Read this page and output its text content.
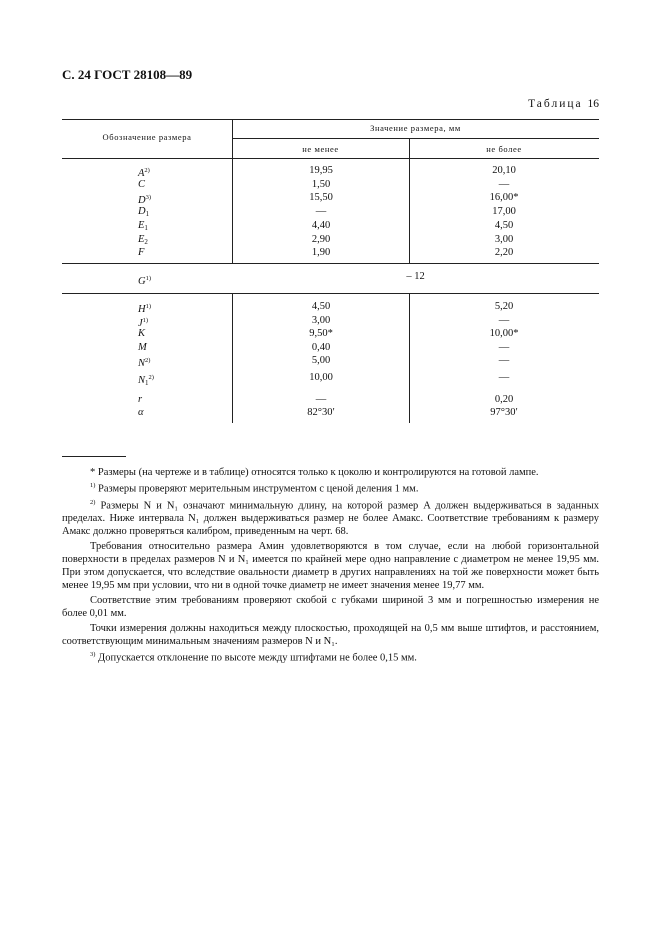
С. 24 ГОСТ 28108—89
Таблица 16
Обозначение размера
Значение размера, мм
не менее	не более
$A^{2)}$	19,95	20,10
C	1,50	—
$D^{3)}$	15,50	16,00*
$D_1$	—	17,00
$E_1$	4,40	4,50
$E_2$	2,90	3,00
F	1,90	2,20
$G^{1)}$	– 12
$H^{1)}$	4,50	5,20
$J^{1)}$	3,00	—
K	9,50*	10,00*
M	0,40	—
$N^{2)}$	5,00	—
$N_1^{2)}$	10,00	—
r	—	0,20
α	82°30′	97°30′

* Размеры (на чертеже и в таблице) относятся только к цоколю и контролируются на готовой лампе.

$^{1)}$ Размеры проверяют мерительным инструментом с ценой деления 1 мм.

$^{2)}$ Размеры N и N₁ означают минимальную длину, на которой размер A должен выдерживаться в заданных пределах. Ниже интервала N₁ должен выдерживаться размер не более Aмакс. Соответствие требованиям к размеру Aмакс должно проверяться калибром, приведенным на черт. 68.

Требования относительно размера Aмин удовлетворяются в том случае, если на любой горизонтальной поверхности в пределах размеров N и N₁ имеется по крайней мере одно направление с диаметром не менее 19,95 мм. При этом допускается, что вследствие овальности диаметр в других направлениях на той же поверхности может быть менее 19,95 мм при условии, что ни в одной точке диаметр не имеет значения менее 19,77 мм.

Соответствие этим требованиям проверяют скобой с губками шириной 3 мм и погрешностью измерения не более 0,01 мм.

Точки измерения должны находиться между плоскостью, проходящей на 0,5 мм выше штифтов, и расстоянием, соответствующим минимальным значениям размеров N и N₁.

$^{3)}$ Допускается отклонение по высоте между штифтами не более 0,15 мм.
